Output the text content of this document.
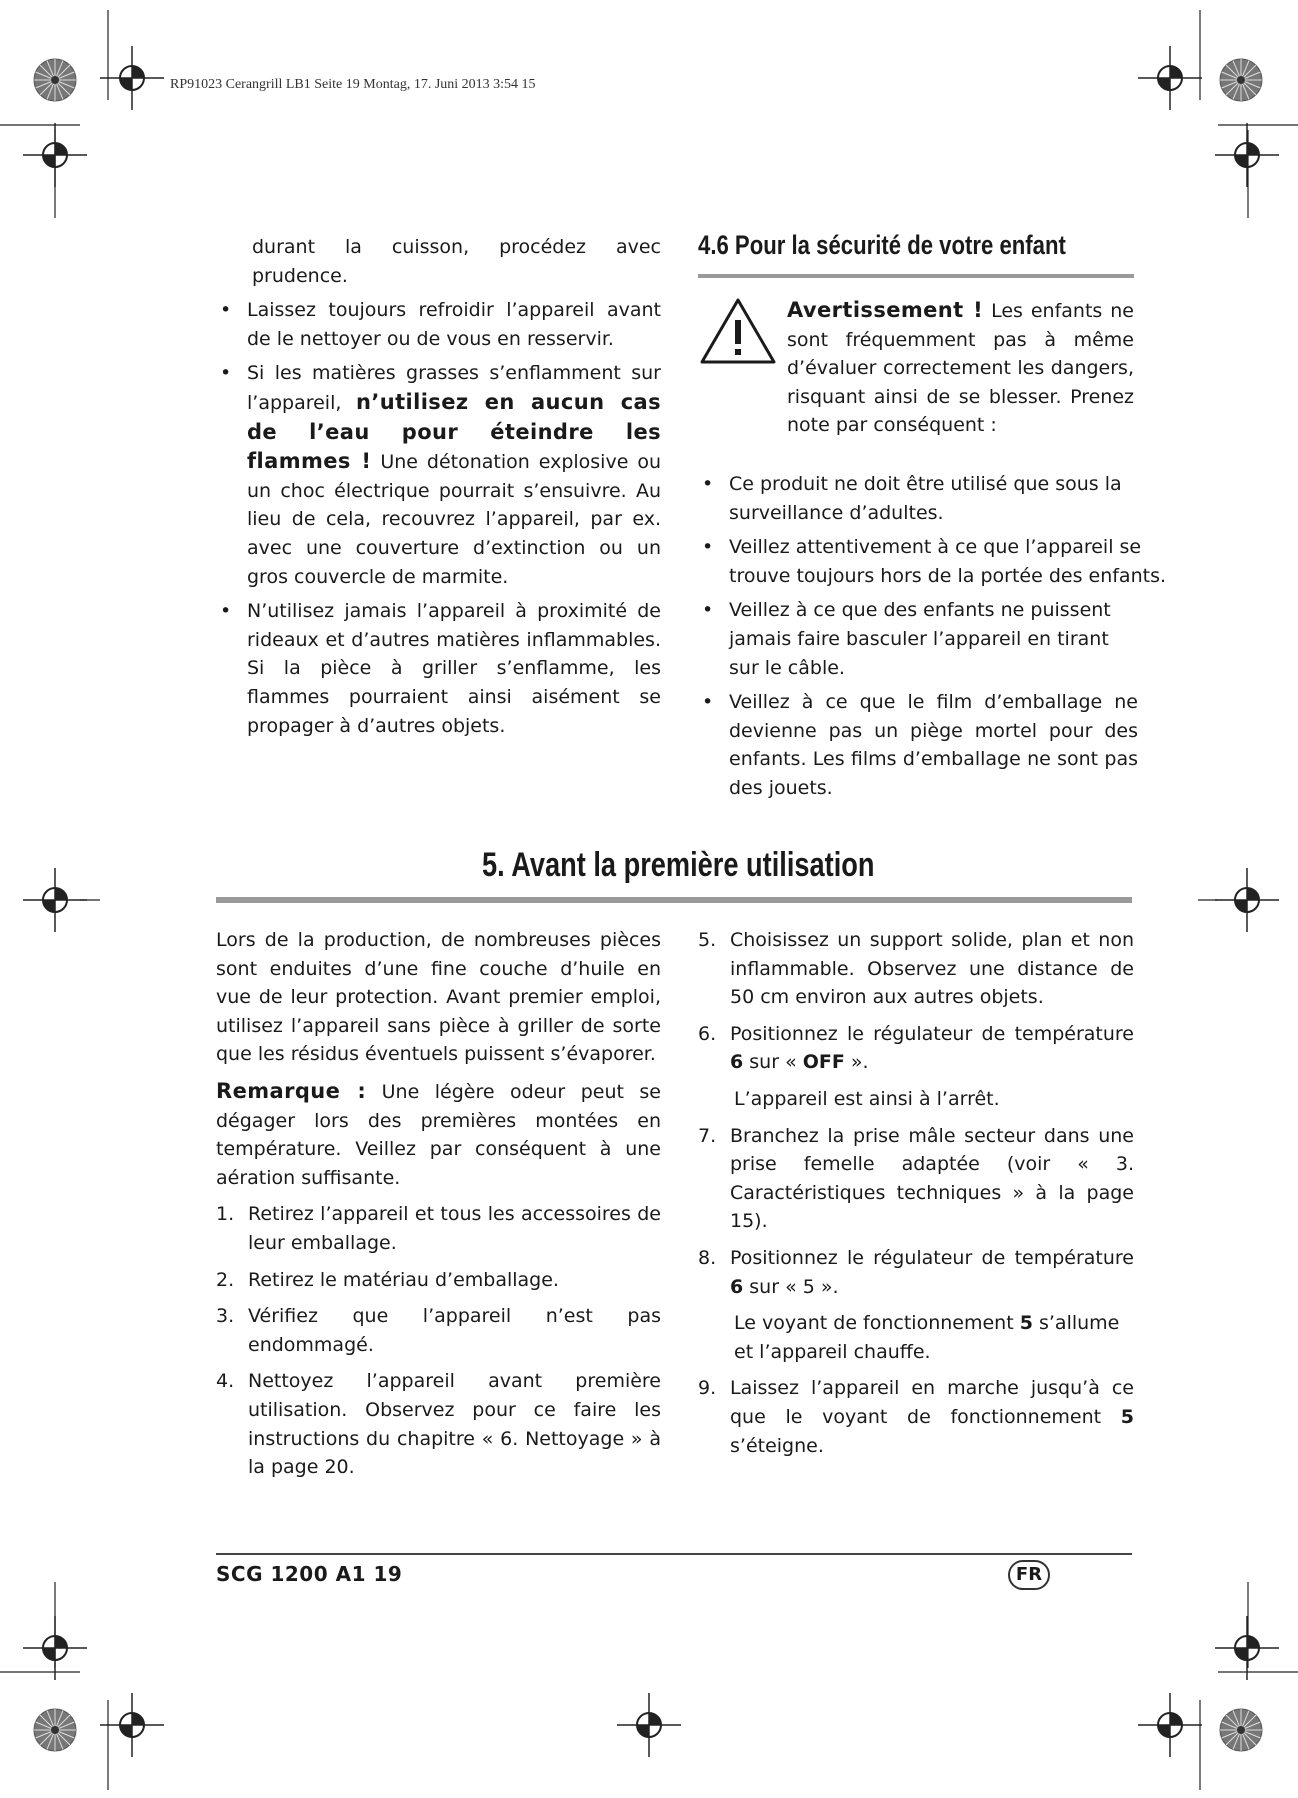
RP91023 Cerangrill LB1 Seite 19 Montag, 17. Juni 2013 3:54 15

durant la cuisson, procédez avec prudence.

• Laissez toujours refroidir l’appareil avant de le nettoyer ou de vous en resservir.

• Si les matières grasses s’enflamment sur l’appareil, n’utilisez en aucun cas de l’eau pour éteindre les flammes ! Une détonation explosive ou un choc électrique pourrait s’ensuivre. Au lieu de cela, recouvrez l’appareil, par ex. avec une couverture d’extinction ou un gros couvercle de marmite.

• N’utilisez jamais l’appareil à proximité de rideaux et d’autres matières inflammables. Si la pièce à griller s’enflamme, les flammes pourraient ainsi aisément se propager à d’autres objets.

4.6 Pour la sécurité de votre enfant

Avertissement ! Les enfants ne sont fréquemment pas à même d’évaluer correctement les dangers, risquant ainsi de se blesser. Prenez note par conséquent :

• Ce produit ne doit être utilisé que sous la surveillance d’adultes.

• Veillez attentivement à ce que l’appareil se trouve toujours hors de la portée des enfants.

• Veillez à ce que des enfants ne puissent jamais faire basculer l’appareil en tirant sur le câble.

• Veillez à ce que le film d’emballage ne devienne pas un piège mortel pour des enfants. Les films d’emballage ne sont pas des jouets.

5. Avant la première utilisation

Lors de la production, de nombreuses pièces sont enduites d’une fine couche d’huile en vue de leur protection. Avant premier emploi, utilisez l’appareil sans pièce à griller de sorte que les résidus éventuels puissent s’évaporer.

Remarque : Une légère odeur peut se dégager lors des premières montées en température. Veillez par conséquent à une aération suffisante.

1. Retirez l’appareil et tous les accessoires de leur emballage.

2. Retirez le matériau d’emballage.

3. Vérifiez que l’appareil n’est pas endommagé.

4. Nettoyez l’appareil avant première utilisation. Observez pour ce faire les instructions du chapitre « 6. Nettoyage » à la page 20.

5. Choisissez un support solide, plan et non inflammable. Observez une distance de 50 cm environ aux autres objets.

6. Positionnez le régulateur de température 6 sur « OFF ».

L’appareil est ainsi à l’arrêt.

7. Branchez la prise mâle secteur dans une prise femelle adaptée (voir « 3. Caractéristiques techniques » à la page 15).

8. Positionnez le régulateur de température 6 sur « 5 ».

Le voyant de fonctionnement 5 s’allume et l’appareil chauffe.

9. Laissez l’appareil en marche jusqu’à ce que le voyant de fonctionnement 5 s’éteigne.

SCG 1200 A1 19	FR
